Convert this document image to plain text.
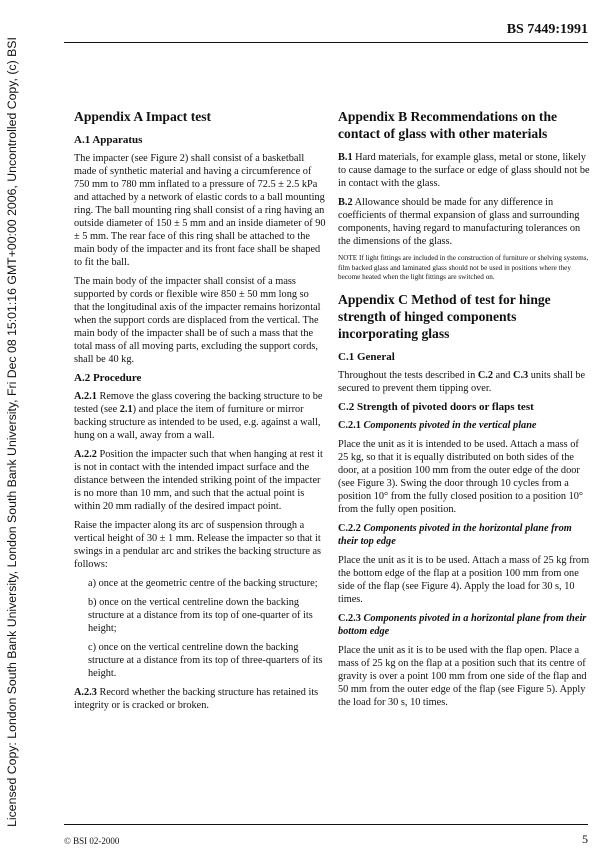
Licensed Copy: London South Bank University, London South Bank University, Fri Dec 08 15:01:16 GMT+00:00 2006, Uncontrolled Copy, (c) BSI
BS 7449:1991
Appendix A Impact test
A.1 Apparatus

The impacter (see Figure 2) shall consist of a basketball made of synthetic material and having a circumference of 750 mm to 780 mm inflated to a pressure of 72.5 ± 2.5 kPa and attached by a network of elastic cords to a ball mounting ring. The ball mounting ring shall consist of a ring having an outside diameter of 150 ± 5 mm and an inside diameter of 90 ± 5 mm. The rear face of this ring shall be attached to the main body of the impacter and its front face shall be shaped to fit the ball.

The main body of the impacter shall consist of a mass supported by cords or flexible wire 850 ± 50 mm long so that the longitudinal axis of the impacter remains horizontal when the support cords are displaced from the vertical. The main body of the impacter shall be of such a mass that the total mass of all moving parts, excluding the support cords, shall be 40 kg.

A.2 Procedure

A.2.1 Remove the glass covering the backing structure to be tested (see 2.1) and place the item of furniture or mirror backing structure as intended to be used, e.g. against a wall, hung on a wall, away from a wall.

A.2.2 Position the impacter such that when hanging at rest it is not in contact with the intended impact surface and the distance between the intended striking point of the impacter is no more than 10 mm, and such that the actual point is within 20 mm radially of the desired impact point.

Raise the impacter along its arc of suspension through a vertical height of 30 ± 1 mm. Release the impacter so that it swings in a pendular arc and strikes the backing structure as follows:

a) once at the geometric centre of the backing structure;

b) once on the vertical centreline down the backing structure at a distance from its top of one-quarter of its height;

c) once on the vertical centreline down the backing structure at a distance from its top of three-quarters of its height.

A.2.3 Record whether the backing structure has retained its integrity or is cracked or broken.

Appendix B Recommendations on the contact of glass with other materials

B.1 Hard materials, for example glass, metal or stone, likely to cause damage to the surface or edge of glass should not be in contact with the glass.

B.2 Allowance should be made for any difference in coefficients of thermal expansion of glass and surrounding components, having regard to manufacturing tolerances on the dimensions of the glass.

NOTE If light fittings are included in the construction of furniture or shelving systems, film backed glass and laminated glass should not be used in positions where they become heated when the light fittings are switched on.

Appendix C Method of test for hinge strength of hinged components incorporating glass
C.1 General

Throughout the tests described in C.2 and C.3 units shall be secured to prevent them tipping over.

C.2 Strength of pivoted doors or flaps test

C.2.1 Components pivoted in the vertical plane

Place the unit as it is intended to be used. Attach a mass of 25 kg, so that it is equally distributed on both sides of the door, at a position 100 mm from the outer edge of the door (see Figure 3). Swing the door through 10 cycles from a position 10° from the fully closed position to a position 10° from the fully open position.

C.2.2 Components pivoted in the horizontal plane from their top edge

Place the unit as it is to be used. Attach a mass of 25 kg from the bottom edge of the flap at a position 100 mm from one side of the flap (see Figure 4). Apply the load for 30 s, 10 times.

C.2.3 Components pivoted in a horizontal plane from their bottom edge

Place the unit as it is to be used with the flap open. Place a mass of 25 kg on the flap at a position such that its centre of gravity is over a point 100 mm from one side of the flap and 50 mm from the outer edge of the flap (see Figure 5). Apply the load for 30 s, 10 times.

© BSI 02-2000	5
